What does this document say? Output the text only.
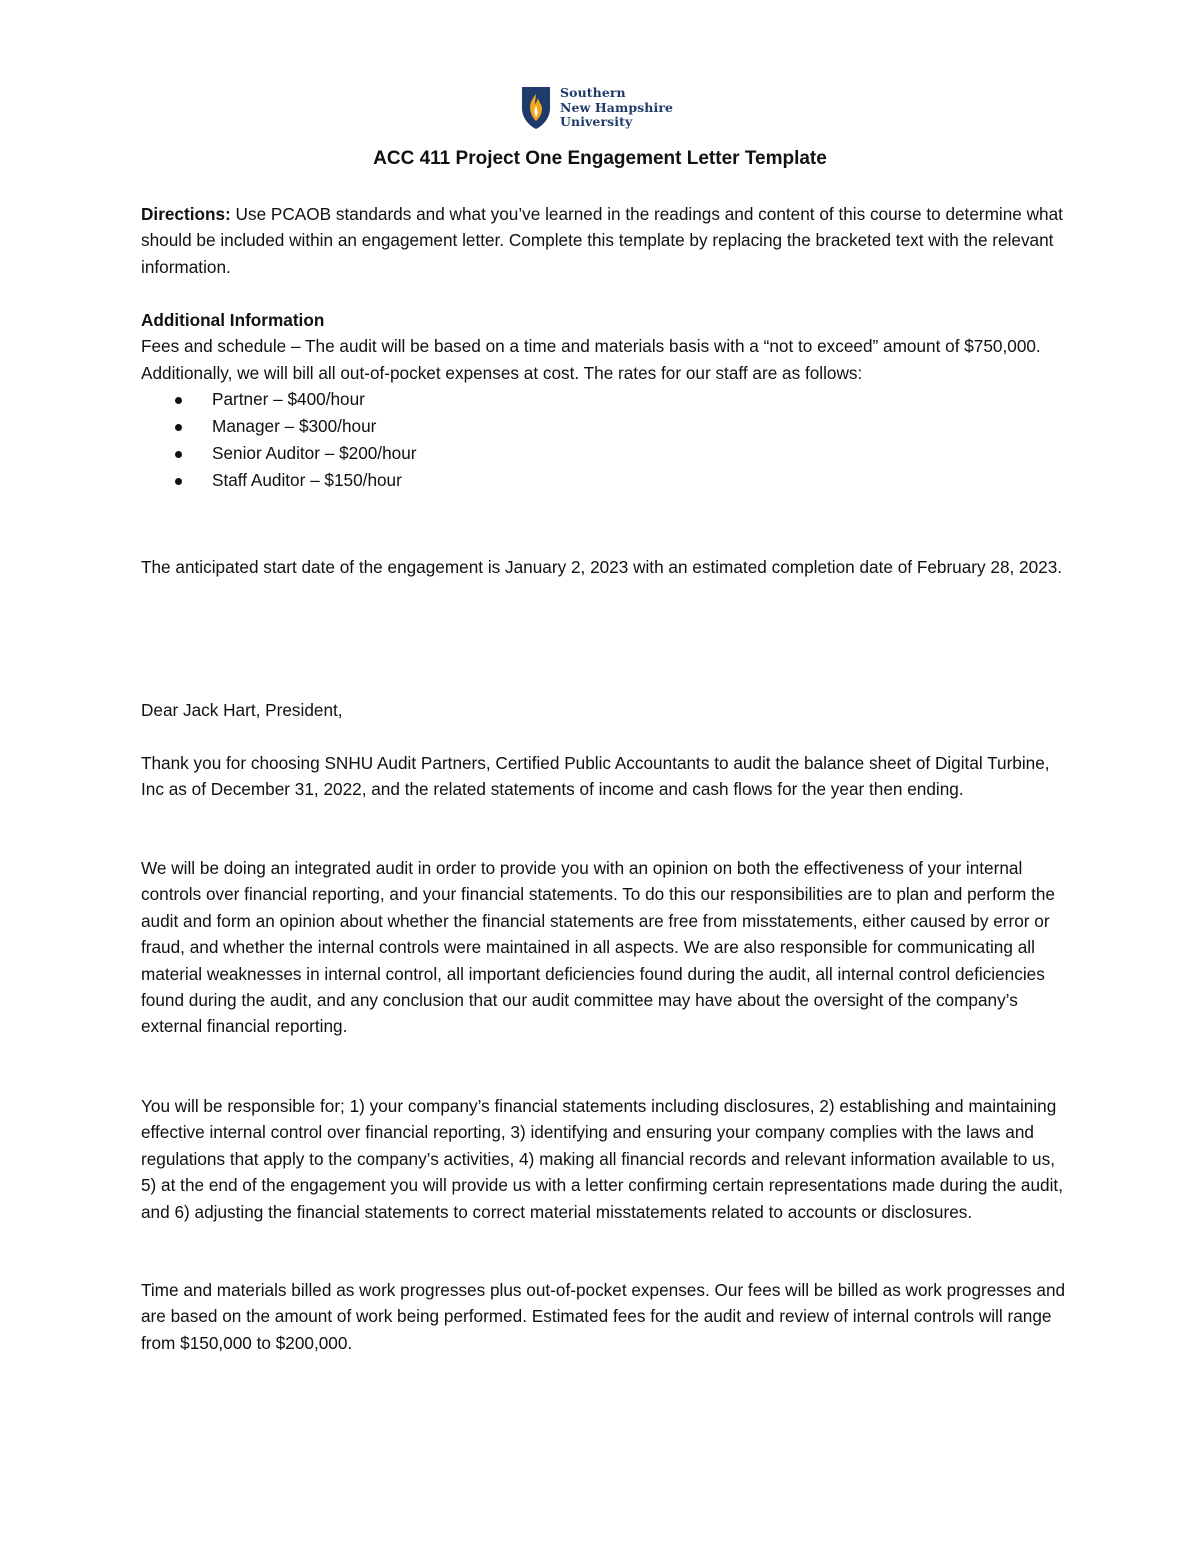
Southern
New Hampshire
University
ACC 411 Project One Engagement Letter Template
Directions: Use PCAOB standards and what you’ve learned in the readings and content of this course to determine what should be included within an engagement letter. Complete this template by replacing the bracketed text with the relevant information.
Additional Information

Fees and schedule – The audit will be based on a time and materials basis with a “not to exceed” amount of $750,000. Additionally, we will bill all out-of-pocket expenses at cost. The rates for our staff are as follows:

Partner – $400/hour
Manager – $300/hour
Senior Auditor – $200/hour
Staff Auditor – $150/hour
The anticipated start date of the engagement is January 2, 2023 with an estimated completion date of February 28, 2023.
Dear Jack Hart, President,
Thank you for choosing SNHU Audit Partners, Certified Public Accountants to audit the balance sheet of Digital Turbine, Inc as of December 31, 2022, and the related statements of income and cash flows for the year then ending.
We will be doing an integrated audit in order to provide you with an opinion on both the effectiveness of your internal controls over financial reporting, and your financial statements. To do this our responsibilities are to plan and perform the audit and form an opinion about whether the financial statements are free from misstatements, either caused by error or fraud, and whether the internal controls were maintained in all aspects. We are also responsible for communicating all material weaknesses in internal control, all important deficiencies found during the audit, all internal control deficiencies found during the audit, and any conclusion that our audit committee may have about the oversight of the company’s external financial reporting.
You will be responsible for; 1) your company’s financial statements including disclosures, 2) establishing and maintaining effective internal control over financial reporting, 3) identifying and ensuring your company complies with the laws and regulations that apply to the company’s activities, 4) making all financial records and relevant information available to us, 5) at the end of the engagement you will provide us with a letter confirming certain representations made during the audit, and 6) adjusting the financial statements to correct material misstatements related to accounts or disclosures.
Time and materials billed as work progresses plus out-of-pocket expenses. Our fees will be billed as work progresses and are based on the amount of work being performed. Estimated fees for the audit and review of internal controls will range from $150,000 to $200,000.
